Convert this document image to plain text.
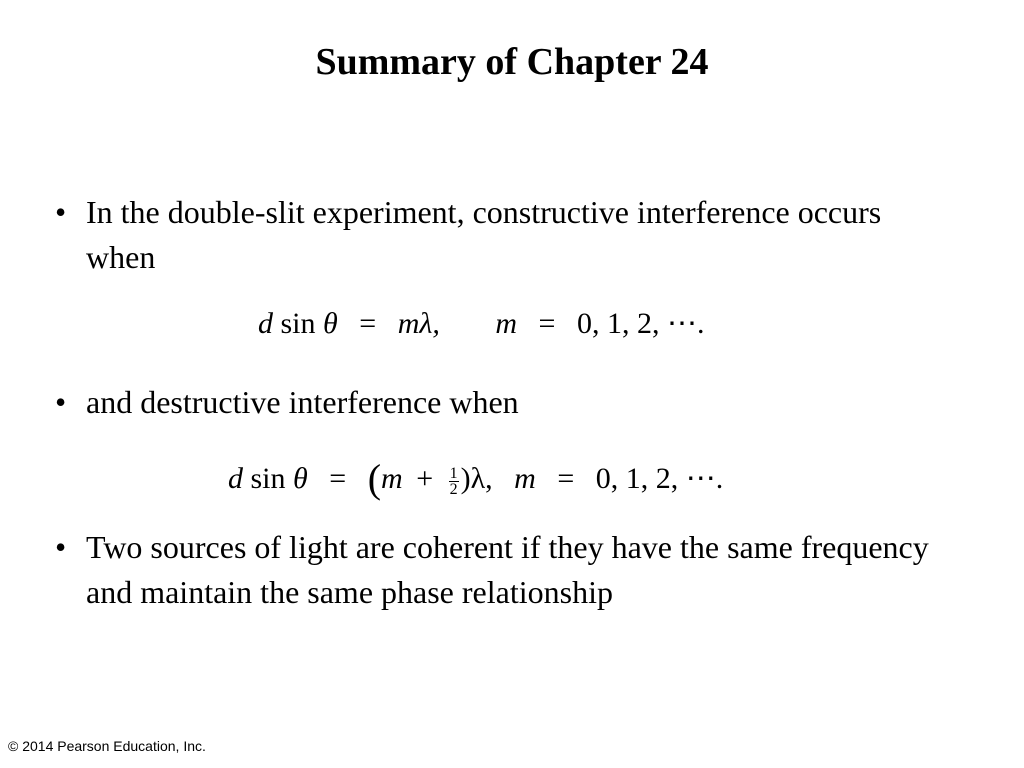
Summary of Chapter 24
• In the double-slit experiment, constructive interference occurs when
d sin θ = mλ, m = 0, 1, 2, ⋯.
• and destructive interference when
d $\sin \theta = (m + \frac{1}{2} )\lambda$, m = 0, 1, 2, ⋯.
• Two sources of light are coherent if they have the same frequency and maintain the same phase relationship
© 2014 Pearson Education, Inc.
